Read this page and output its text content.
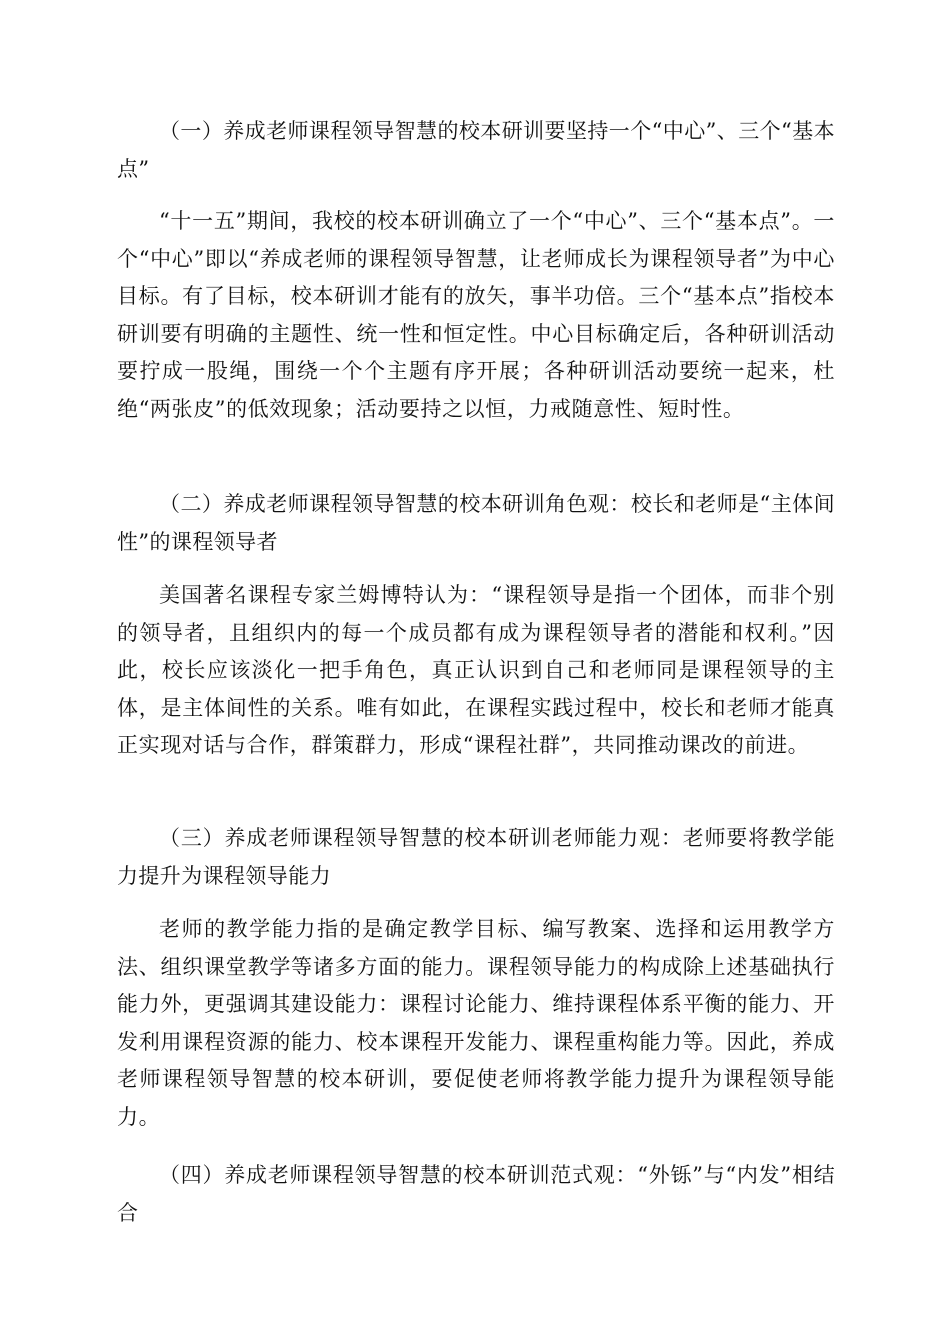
（一）养成老师课程领导智慧的校本研训要坚持一个“中心”、三个“基本点”

“十一五”期间，我校的校本研训确立了一个“中心”、三个“基本点”。一个“中心”即以“养成老师的课程领导智慧，让老师成长为课程领导者”为中心目标。有了目标，校本研训才能有的放矢，事半功倍。三个“基本点”指校本研训要有明确的主题性、统一性和恒定性。中心目标确定后，各种研训活动要拧成一股绳，围绕一个个主题有序开展；各种研训活动要统一起来，杜绝“两张皮”的低效现象；活动要持之以恒，力戒随意性、短时性。

（二）养成老师课程领导智慧的校本研训角色观：校长和老师是“主体间性”的课程领导者

美国著名课程专家兰姆博特认为：“课程领导是指一个团体，而非个别的领导者，且组织内的每一个成员都有成为课程领导者的潜能和权利。”因此，校长应该淡化一把手角色，真正认识到自己和老师同是课程领导的主体，是主体间性的关系。唯有如此，在课程实践过程中，校长和老师才能真正实现对话与合作，群策群力，形成“课程社群”，共同推动课改的前进。

（三）养成老师课程领导智慧的校本研训老师能力观：老师要将教学能力提升为课程领导能力

老师的教学能力指的是确定教学目标、编写教案、选择和运用教学方法、组织课堂教学等诸多方面的能力。课程领导能力的构成除上述基础执行能力外，更强调其建设能力：课程讨论能力、维持课程体系平衡的能力、开发利用课程资源的能力、校本课程开发能力、课程重构能力等。因此，养成老师课程领导智慧的校本研训，要促使老师将教学能力提升为课程领导能力。

（四）养成老师课程领导智慧的校本研训范式观：“外铄”与“内发”相结合
